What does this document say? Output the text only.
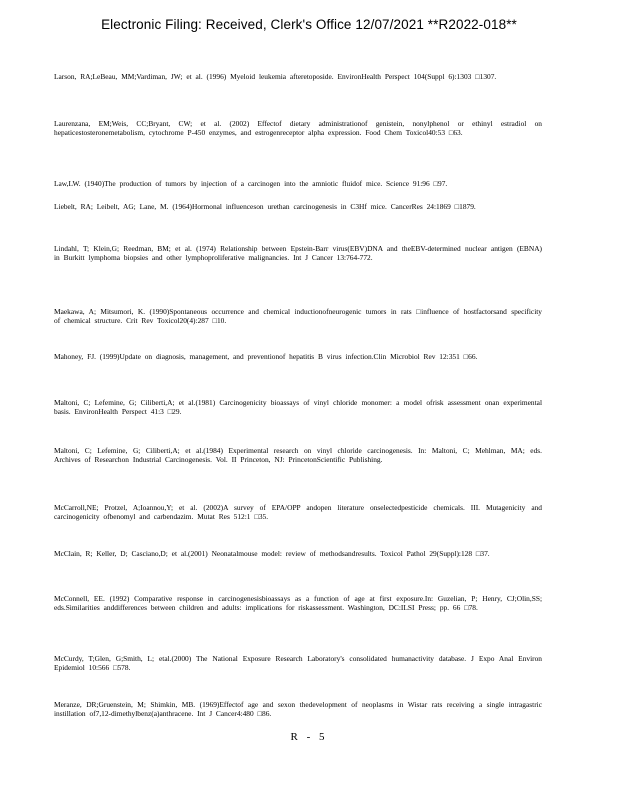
Electronic Filing: Received, Clerk's Office 12/07/2021 **R2022-018**

Larson, RA;LeBeau, MM;Vardiman, JW; et al. (1996) Myeloid leukemia afteretoposide. EnvironHealth Perspect 104(Suppl 6):1303 □1307.

Laurenzana, EM;Weis, CC;Bryant, CW; et al. (2002) Effectof dietary administrationof genistein, nonylphenol or ethinyl estradiol on hepaticestosteronemetabolism, cytochrome P-450 enzymes, and estrogenreceptor alpha expression. Food Chem Toxicol40:53 □63.

Law,LW. (1940)The production of tumors by injection of a carcinogen into the amniotic fluidof mice. Science 91:96 □97.

Liebelt, RA; Leibelt, AG; Lane, M. (1964)Hormonal influenceson urethan carcinogenesis in C3Hf mice. CancerRes 24:1869 □1879.

Lindahl, T; Klein,G; Reedman, BM; et al. (1974) Relationship between Epstein-Barr virus(EBV)DNA and theEBV-determined nuclear antigen (EBNA) in Burkitt lymphoma biopsies and other lymphoproliferative malignancies. Int J Cancer 13:764-772.

Maekawa, A; Mitsumori, K. (1990)Spontaneous occurrence and chemical inductionofneurogenic tumors in rats □influence of hostfactorsand specificity of chemical structure. Crit Rev Toxicol20(4):287 □10.

Mahoney, FJ. (1999)Update on diagnosis, management, and preventionof hepatitis B virus infection.Clin Microbiol Rev 12:351 □66.

Maltoni, C; Lefemine, G; Ciliberti,A; et al.(1981) Carcinogenicity bioassays of vinyl chloride monomer: a model ofrisk assessment onan experimental basis. EnvironHealth Perspect 41:3 □29.

Maltoni, C; Lefemine, G; Ciliberti,A; et al.(1984) Experimental research on vinyl chloride carcinogenesis. In: Maltoni, C; Mehlman, MA; eds. Archives of Researchon Industrial Carcinogenesis. Vol. II Princeton, NJ: PrincetonScientific Publishing.

McCarroll,NE; Protzel, A;Ioannou,Y; et al. (2002)A survey of EPA/OPP andopen literature onselectedpesticide chemicals. III. Mutagenicity and carcinogenicity ofbenomyl and carbendazim. Mutat Res 512:1 □35.

McClain, R; Keller, D; Casciano,D; et al.(2001) Neonatalmouse model: review of methodsandresults. Toxicol Pathol 29(Suppl):128 □37.

McConnell, EE. (1992) Comparative response in carcinogenesisbioassays as a function of age at first exposure.In: Guzelian, P; Henry, CJ;Olin,SS; eds.Similarities anddifferences between children and adults: implications for riskassessment. Washington, DC:ILSI Press; pp. 66 □78.

McCurdy, T;Glen, G;Smith, L; etal.(2000) The National Exposure Research Laboratory's consolidated humanactivity database. J Expo Anal Environ Epidemiol 10:566 □578.

Meranze, DR;Gruenstein, M; Shimkin, MB. (1969)Effectof age and sexon thedevelopment of neoplasms in Wistar rats receiving a single intragastric instillation of7,12-dimethylbenz(a)anthracene. Int J Cancer4:480 □86.

R - 5
